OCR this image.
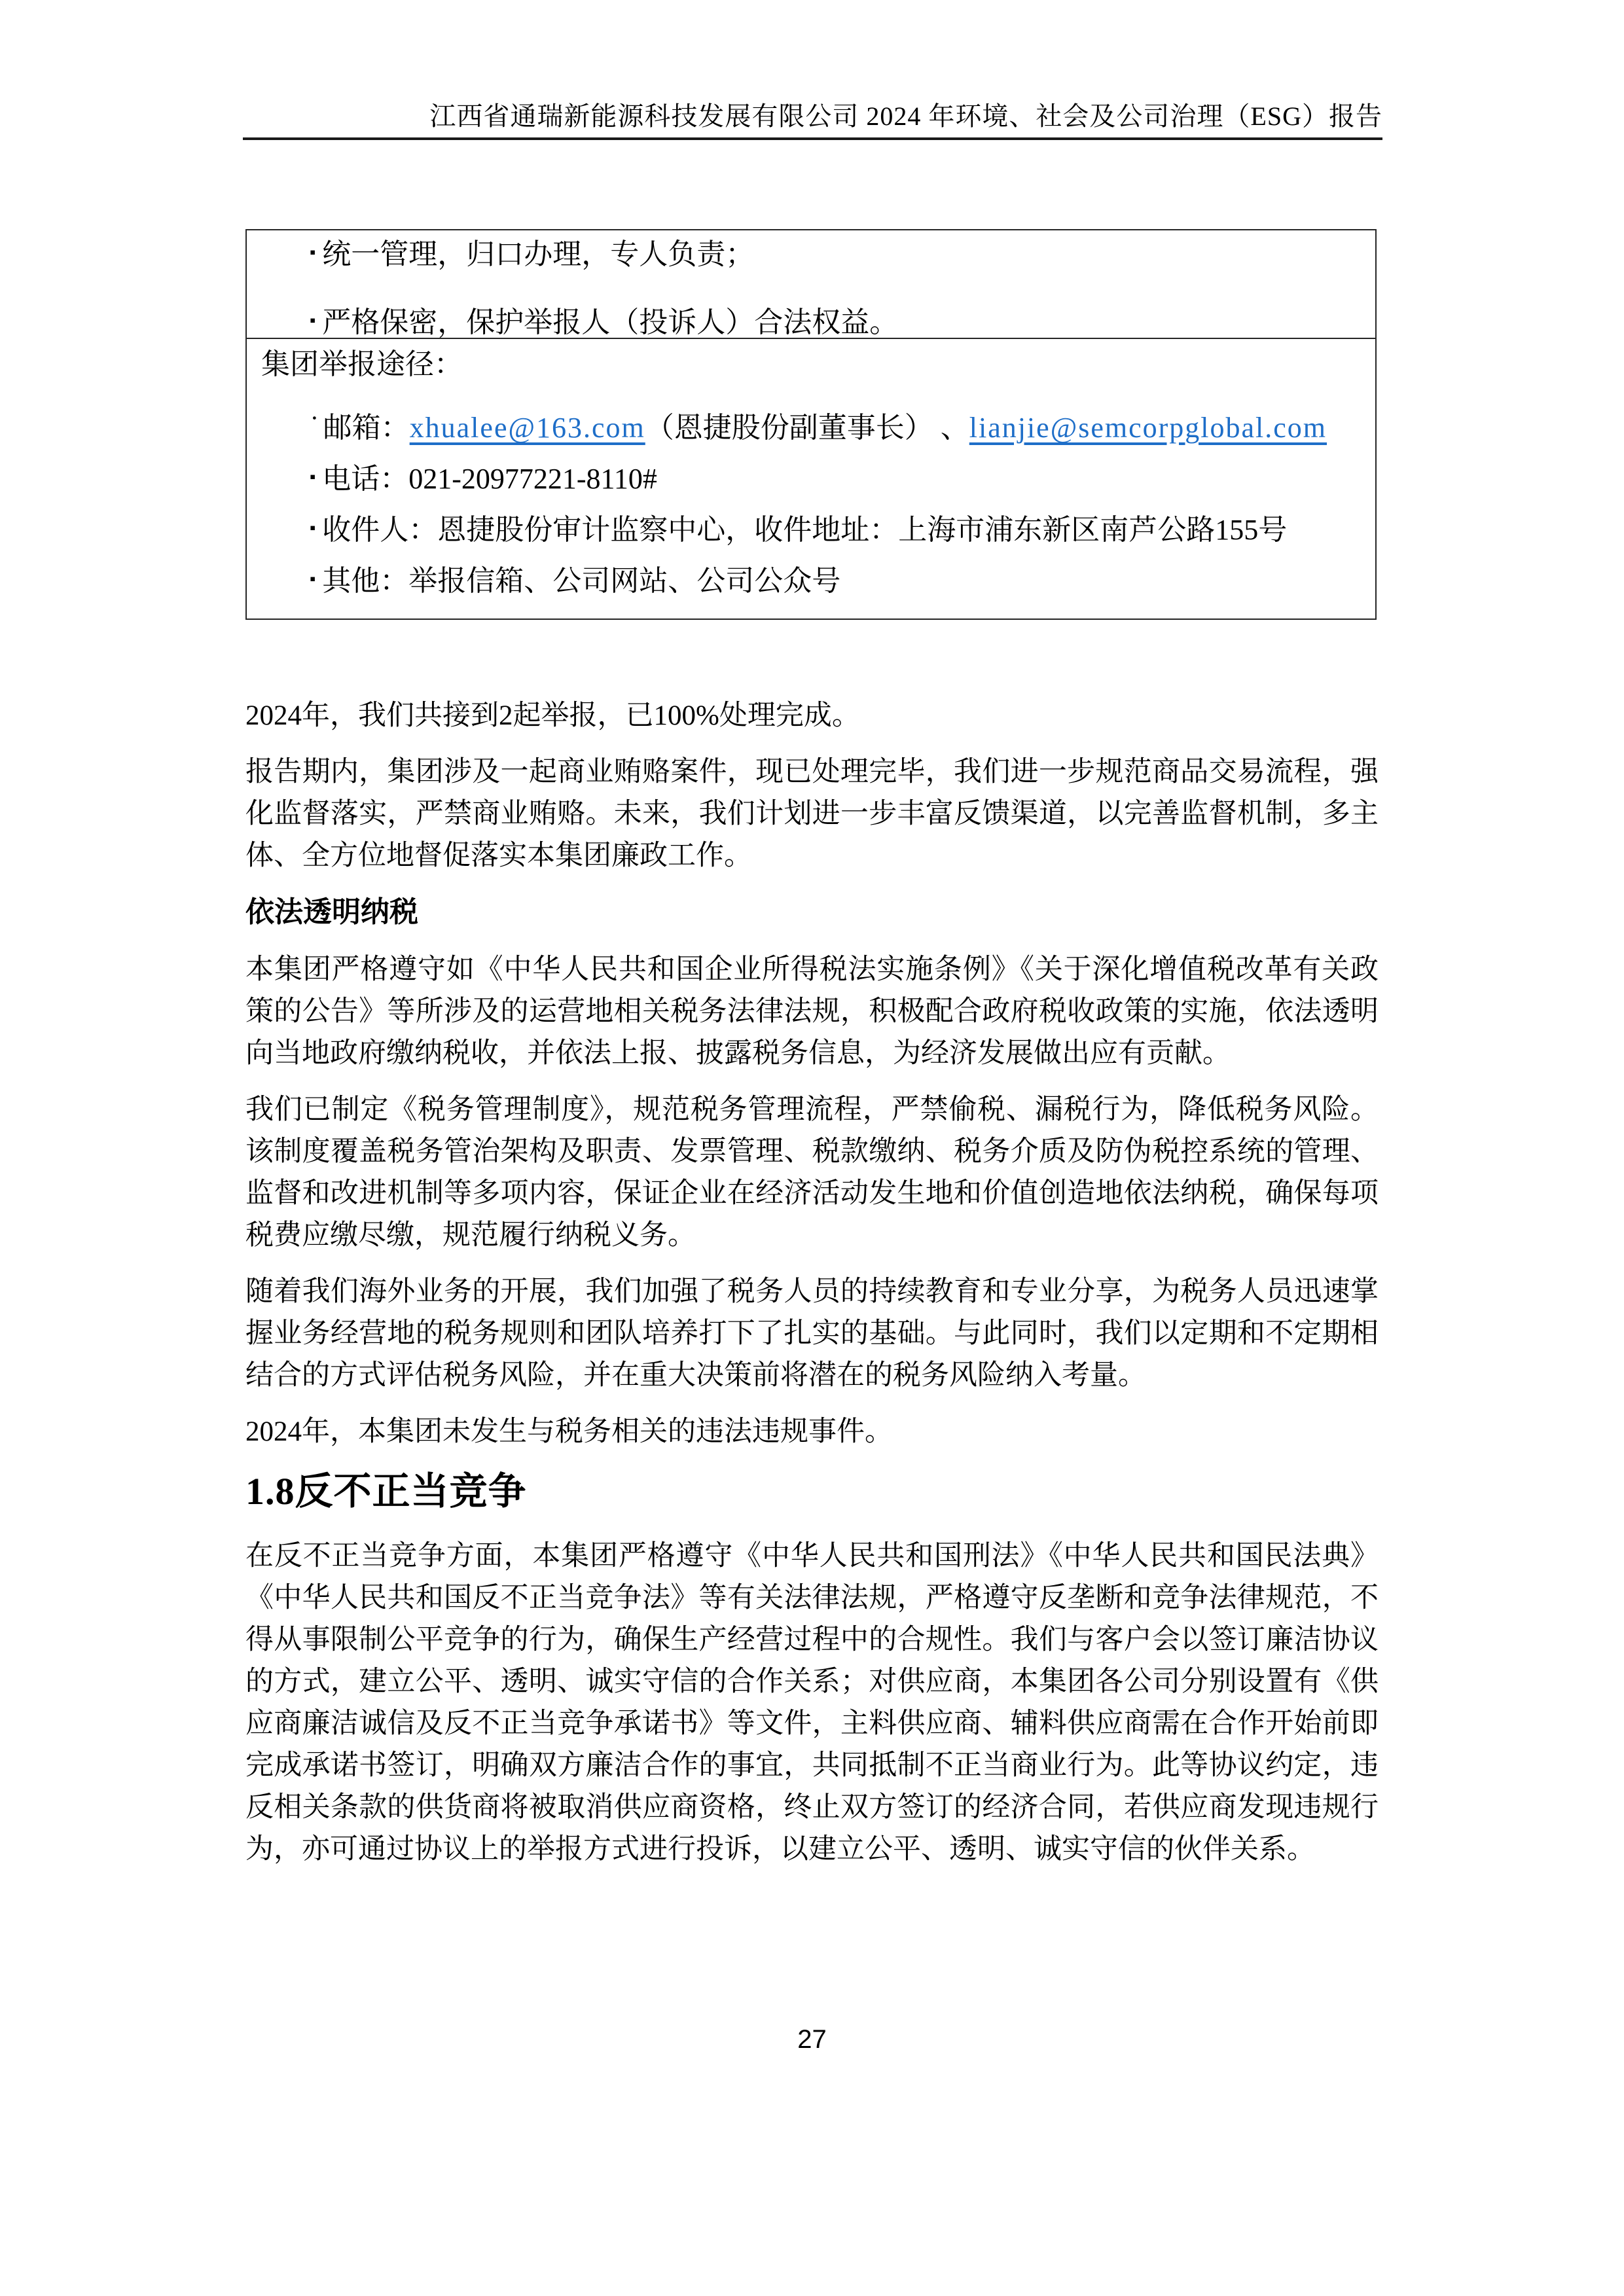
江西省通瑞新能源科技发展有限公司 2024 年环境、社会及公司治理（ESG）报告
▪ 统一管理，归口办理，专人负责；
▪ 严格保密，保护举报人（投诉人）合法权益。
集团举报途径：
˙ 邮箱：xhualee@163.com（恩捷股份副董事长） 、lianjie@semcorpglobal.com
▪ 电话：021-20977221-8110#
▪ 收件人：恩捷股份审计监察中心，收件地址：上海市浦东新区南芦公路155号
▪ 其他：举报信箱、公司网站、公司公众号

2024年，我们共接到2起举报，已100%处理完成。

报告期内，集团涉及一起商业贿赂案件，现已处理完毕，我们进一步规范商品交易流程，强化监督落实，严禁商业贿赂。未来，我们计划进一步丰富反馈渠道，以完善监督机制，多主体、全方位地督促落实本集团廉政工作。

依法透明纳税

本集团严格遵守如《中华人民共和国企业所得税法实施条例》《关于深化增值税改革有关政策的公告》等所涉及的运营地相关税务法律法规，积极配合政府税收政策的实施，依法透明向当地政府缴纳税收，并依法上报、披露税务信息，为经济发展做出应有贡献。

我们已制定《税务管理制度》，规范税务管理流程，严禁偷税、漏税行为，降低税务风险。该制度覆盖税务管治架构及职责、发票管理、税款缴纳、税务介质及防伪税控系统的管理、监督和改进机制等多项内容，保证企业在经济活动发生地和价值创造地依法纳税，确保每项税费应缴尽缴，规范履行纳税义务。

随着我们海外业务的开展，我们加强了税务人员的持续教育和专业分享，为税务人员迅速掌握业务经营地的税务规则和团队培养打下了扎实的基础。与此同时，我们以定期和不定期相结合的方式评估税务风险，并在重大决策前将潜在的税务风险纳入考量。

2024年，本集团未发生与税务相关的违法违规事件。

1.8反不正当竞争

在反不正当竞争方面，本集团严格遵守《中华人民共和国刑法》《中华人民共和国民法典》《中华人民共和国反不正当竞争法》等有关法律法规，严格遵守反垄断和竞争法律规范，不得从事限制公平竞争的行为，确保生产经营过程中的合规性。我们与客户会以签订廉洁协议的方式，建立公平、透明、诚实守信的合作关系；对供应商，本集团各公司分别设置有《供应商廉洁诚信及反不正当竞争承诺书》等文件，主料供应商、辅料供应商需在合作开始前即完成承诺书签订，明确双方廉洁合作的事宜，共同抵制不正当商业行为。此等协议约定，违反相关条款的供货商将被取消供应商资格，终止双方签订的经济合同，若供应商发现违规行为，亦可通过协议上的举报方式进行投诉，以建立公平、透明、诚实守信的伙伴关系。

27
